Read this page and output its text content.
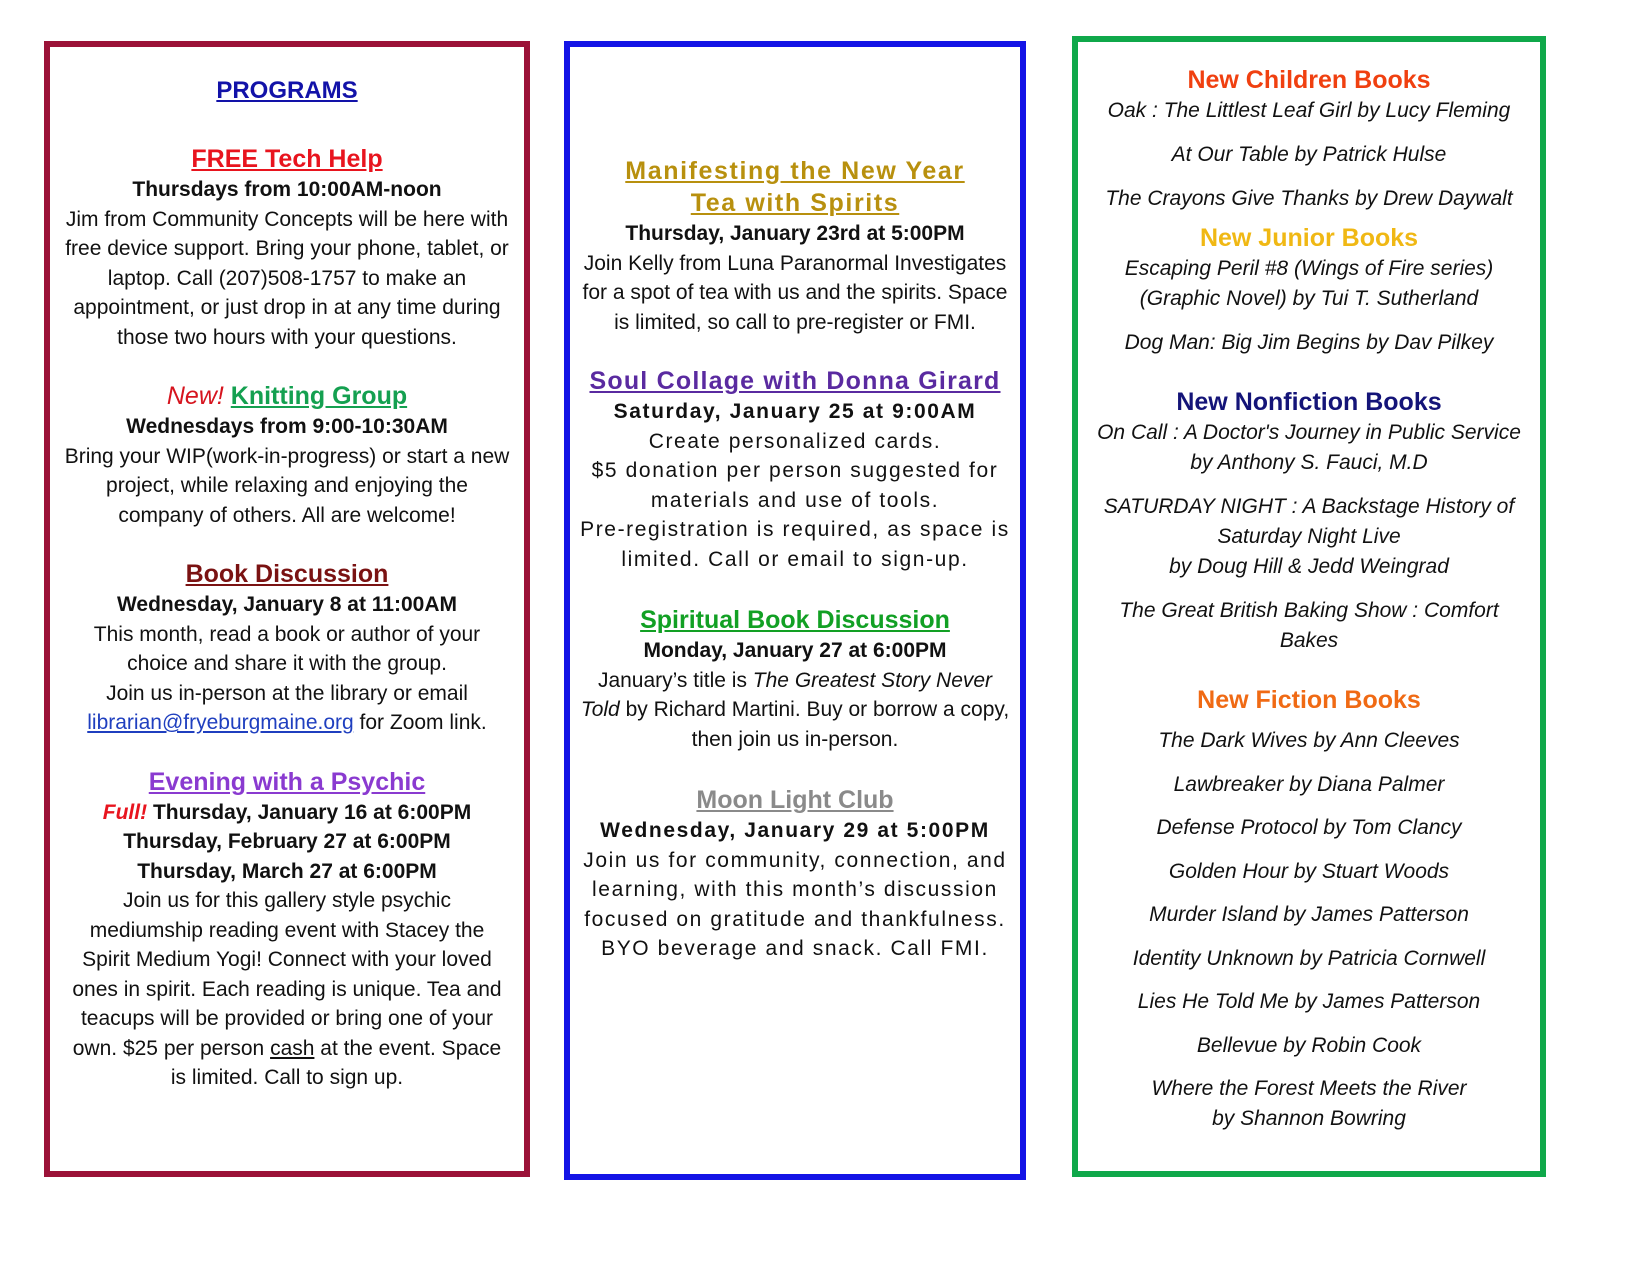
PROGRAMS
FREE Tech Help
Thursdays from 10:00AM-noon
Jim from Community Concepts will be here with free device support. Bring your phone, tablet, or laptop. Call (207)508-1757 to make an appointment, or just drop in at any time during those two hours with your questions.
New! Knitting Group
Wednesdays from 9:00-10:30AM
Bring your WIP(work-in-progress) or start a new project, while relaxing and enjoying the company of others. All are welcome!
Book Discussion
Wednesday, January 8 at 11:00AM
This month, read a book or author of your choice and share it with the group.
Join us in-person at the library or email librarian@fryeburgmaine.org for Zoom link.
Evening with a Psychic
Full! Thursday, January 16 at 6:00PM
Thursday, February 27 at 6:00PM
Thursday, March 27 at 6:00PM
Join us for this gallery style psychic mediumship reading event with Stacey the Spirit Medium Yogi! Connect with your loved ones in spirit. Each reading is unique. Tea and teacups will be provided or bring one of your own. $25 per person cash at the event. Space is limited. Call to sign up.
Manifesting the New Year
Tea with Spirits
Thursday, January 23rd at 5:00PM
Join Kelly from Luna Paranormal Investigates for a spot of tea with us and the spirits. Space is limited, so call to pre-register or FMI.
Soul Collage with Donna Girard
Saturday, January 25 at 9:00AM
Create personalized cards.
$5 donation per person suggested for materials and use of tools.
Pre-registration is required, as space is limited. Call or email to sign-up.
Spiritual Book Discussion
Monday, January 27 at 6:00PM
January’s title is The Greatest Story Never Told by Richard Martini. Buy or borrow a copy, then join us in-person.
Moon Light Club
Wednesday, January 29 at 5:00PM
Join us for community, connection, and learning, with this month’s discussion focused on gratitude and thankfulness. BYO beverage and snack. Call FMI.
New Children Books
Oak : The Littlest Leaf Girl by Lucy Fleming
At Our Table by Patrick Hulse
The Crayons Give Thanks by Drew Daywalt
New Junior Books
Escaping Peril #8 (Wings of Fire series)
(Graphic Novel) by Tui T. Sutherland
Dog Man: Big Jim Begins by Dav Pilkey
New Nonfiction Books
On Call : A Doctor's Journey in Public Service
by Anthony S. Fauci, M.D
SATURDAY NIGHT : A Backstage History of
Saturday Night Live
by Doug Hill & Jedd Weingrad
The Great British Baking Show : Comfort Bakes
New Fiction Books
The Dark Wives by Ann Cleeves
Lawbreaker by Diana Palmer
Defense Protocol by Tom Clancy
Golden Hour by Stuart Woods
Murder Island by James Patterson
Identity Unknown by Patricia Cornwell
Lies He Told Me by James Patterson
Bellevue by Robin Cook
Where the Forest Meets the River
by Shannon Bowring
